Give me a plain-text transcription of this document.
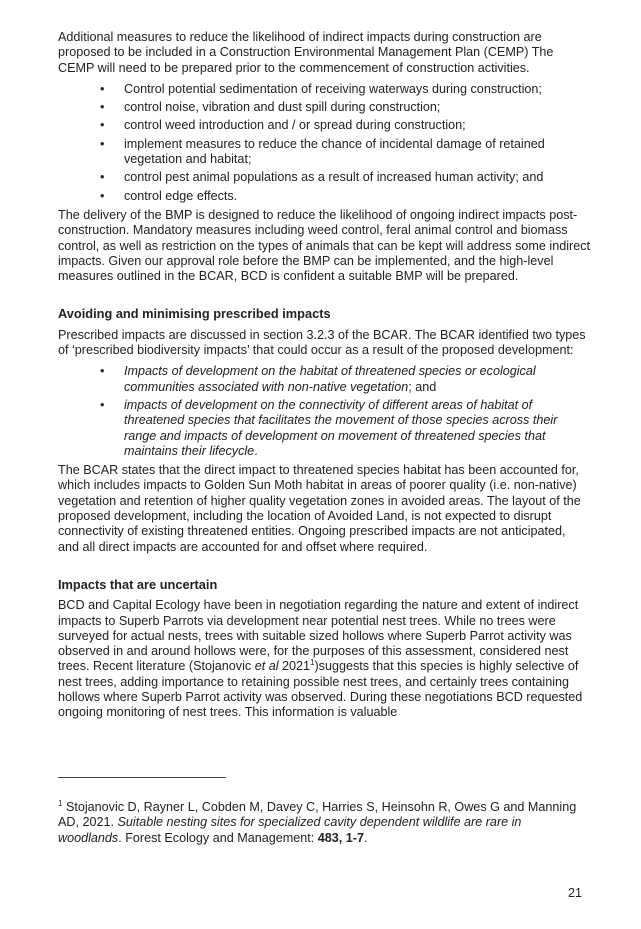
Additional measures to reduce the likelihood of indirect impacts during construction are proposed to be included in a Construction Environmental Management Plan (CEMP) The CEMP will need to be prepared prior to the commencement of construction activities.

• Control potential sedimentation of receiving waterways during construction;
• control noise, vibration and dust spill during construction;
• control weed introduction and / or spread during construction;
• implement measures to reduce the chance of incidental damage of retained vegetation and habitat;
• control pest animal populations as a result of increased human activity; and
• control edge effects.

The delivery of the BMP is designed to reduce the likelihood of ongoing indirect impacts post-construction. Mandatory measures including weed control, feral animal control and biomass control, as well as restriction on the types of animals that can be kept will address some indirect impacts. Given our approval role before the BMP can be implemented, and the high-level measures outlined in the BCAR, BCD is confident a suitable BMP will be prepared.

Avoiding and minimising prescribed impacts

Prescribed impacts are discussed in section 3.2.3 of the BCAR. The BCAR identified two types of ‘prescribed biodiversity impacts’ that could occur as a result of the proposed development:

• Impacts of development on the habitat of threatened species or ecological communities associated with non-native vegetation; and
• impacts of development on the connectivity of different areas of habitat of threatened species that facilitates the movement of those species across their range and impacts of development on movement of threatened species that maintains their lifecycle.

The BCAR states that the direct impact to threatened species habitat has been accounted for, which includes impacts to Golden Sun Moth habitat in areas of poorer quality (i.e. non-native) vegetation and retention of higher quality vegetation zones in avoided areas. The layout of the proposed development, including the location of Avoided Land, is not expected to disrupt connectivity of existing threatened entities. Ongoing prescribed impacts are not anticipated, and all direct impacts are accounted for and offset where required.

Impacts that are uncertain

BCD and Capital Ecology have been in negotiation regarding the nature and extent of indirect impacts to Superb Parrots via development near potential nest trees. While no trees were surveyed for actual nests, trees with suitable sized hollows where Superb Parrot activity was observed in and around hollows were, for the purposes of this assessment, considered nest trees. Recent literature (Stojanovic et al 2021$^1$)suggests that this species is highly selective of nest trees, adding importance to retaining possible nest trees, and certainly trees containing hollows where Superb Parrot activity was observed. During these negotiations BCD requested ongoing monitoring of nest trees. This information is valuable

$^1$ Stojanovic D, Rayner L, Cobden M, Davey C, Harries S, Heinsohn R, Owes G and Manning AD, 2021. Suitable nesting sites for specialized cavity dependent wildlife are rare in woodlands. Forest Ecology and Management: 483, 1-7.
21
